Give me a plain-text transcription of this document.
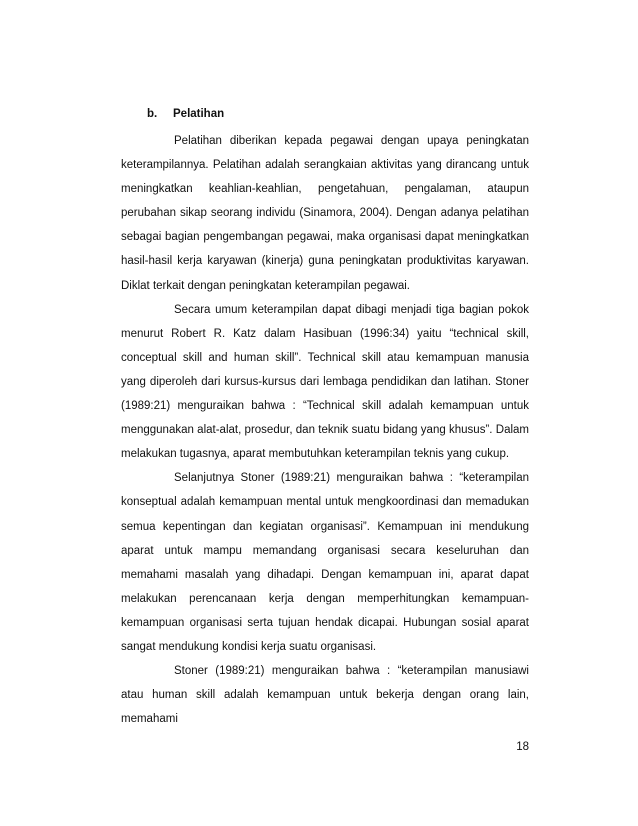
b. Pelatihan

Pelatihan diberikan kepada pegawai dengan upaya peningkatan keterampilannya. Pelatihan adalah serangkaian aktivitas yang dirancang untuk meningkatkan keahlian-keahlian, pengetahuan, pengalaman, ataupun perubahan sikap seorang individu (Sinamora, 2004). Dengan adanya pelatihan sebagai bagian pengembangan pegawai, maka organisasi dapat meningkatkan hasil-hasil kerja karyawan (kinerja) guna peningkatan produktivitas karyawan. Diklat terkait dengan peningkatan keterampilan pegawai.

Secara umum keterampilan dapat dibagi menjadi tiga bagian pokok menurut Robert R. Katz dalam Hasibuan (1996:34) yaitu “technical skill, conceptual skill and human skill”. Technical skill atau kemampuan manusia yang diperoleh dari kursus-kursus dari lembaga pendidikan dan latihan. Stoner (1989:21) menguraikan bahwa : “Technical skill adalah kemampuan untuk menggunakan alat-alat, prosedur, dan teknik suatu bidang yang khusus”. Dalam melakukan tugasnya, aparat membutuhkan keterampilan teknis yang cukup.

Selanjutnya Stoner (1989:21) menguraikan bahwa : “keterampilan konseptual adalah kemampuan mental untuk mengkoordinasi dan memadukan semua kepentingan dan kegiatan organisasi”. Kemampuan ini mendukung aparat untuk mampu memandang organisasi secara keseluruhan dan memahami masalah yang dihadapi. Dengan kemampuan ini, aparat dapat melakukan perencanaan kerja dengan memperhitungkan kemampuan-kemampuan organisasi serta tujuan hendak dicapai. Hubungan sosial aparat sangat mendukung kondisi kerja suatu organisasi.

Stoner (1989:21) menguraikan bahwa : “keterampilan manusiawi atau human skill adalah kemampuan untuk bekerja dengan orang lain, memahami

18
